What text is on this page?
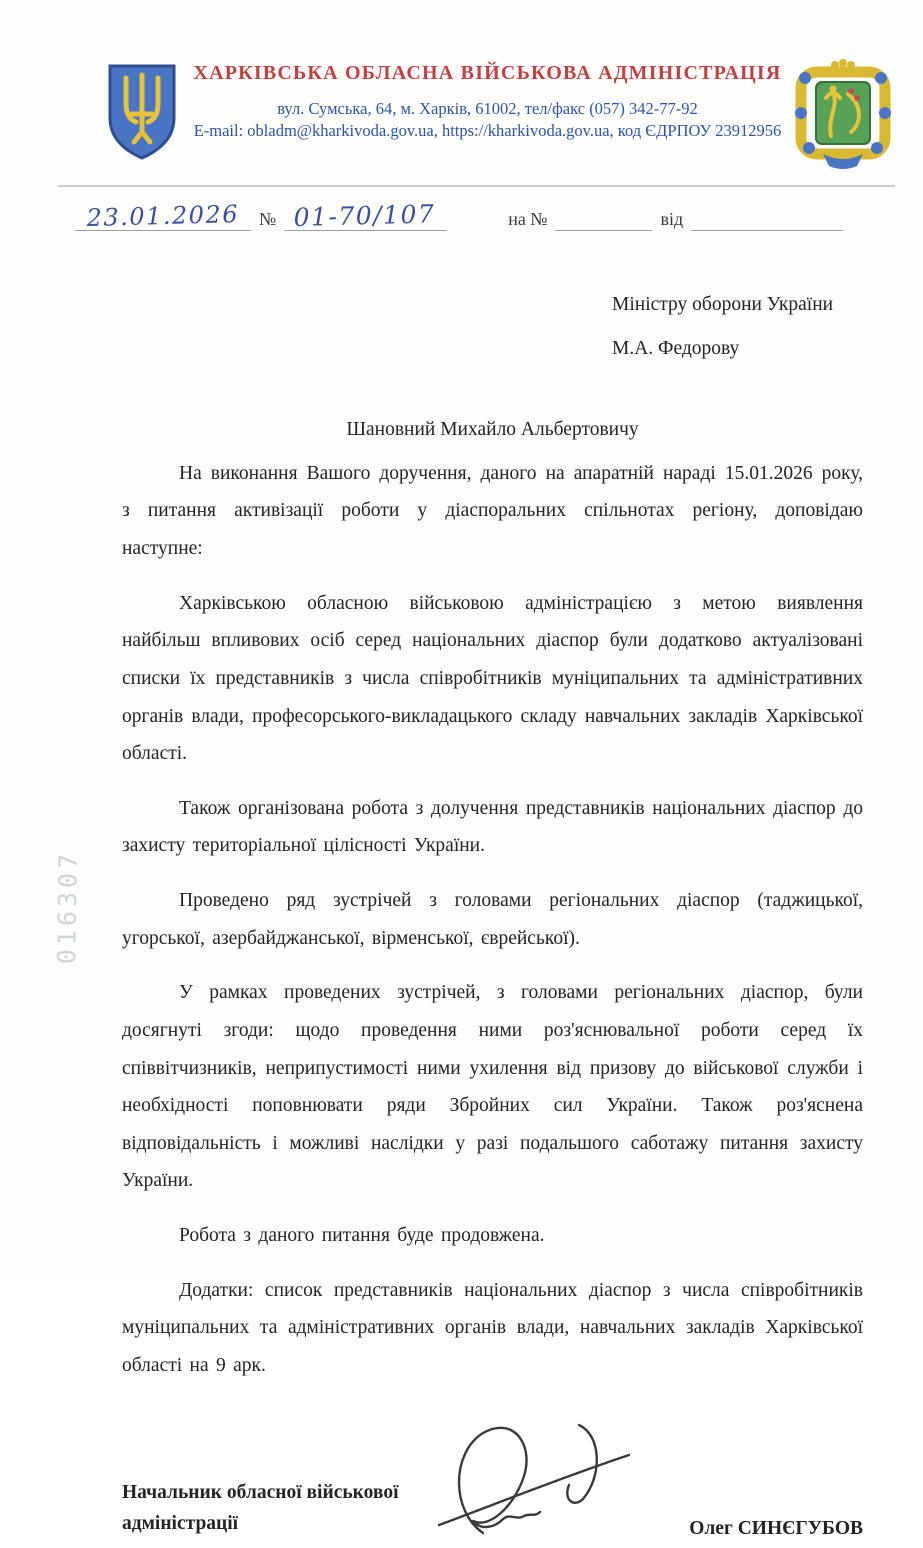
ХАРКІВСЬКА ОБЛАСНА ВІЙСЬКОВА АДМІНІСТРАЦІЯ
вул. Сумська, 64, м. Харків, 61002, тел/факс (057) 342-77-92
E-mail: obladm@kharkivoda.gov.ua, https://kharkivoda.gov.ua, код ЄДРПОУ 23912956
23.01.2026 № 01-70/107	на №	від
Міністру оборони України
М.А. Федорову
Шановний Михайло Альбертовичу

На виконання Вашого доручення, даного на апаратній нараді 15.01.2026 року, з питання активізації роботи у діаспоральних спільнотах регіону, доповідаю наступне:

Харківською обласною військовою адміністрацією з метою виявлення найбільш впливових осіб серед національних діаспор були додатково актуалізовані списки їх представників з числа співробітників муніципальних та адміністративних органів влади, професорського-викладацького складу навчальних закладів Харківської області.

Також організована робота з долучення представників національних діаспор до захисту територіальної цілісності України.

Проведено ряд зустрічей з головами регіональних діаспор (таджицької, угорської, азербайджанської, вірменської, єврейської).

У рамках проведених зустрічей, з головами регіональних діаспор, були досягнуті згоди: щодо проведення ними роз'яснювальної роботи серед їх співвітчизників, неприпустимості ними ухилення від призову до військової служби і необхідності поповнювати ряди Збройних сил України. Також роз'яснена відповідальність і можливі наслідки у разі подальшого саботажу питання захисту України.

Робота з даного питання буде продовжена.

Додатки: список представників національних діаспор з числа співробітників муніципальних та адміністративних органів влади, навчальних закладів Харківської області на 9 арк.

016307
Начальник обласної військової адміністрації	Олег СИНЄГУБОВ
